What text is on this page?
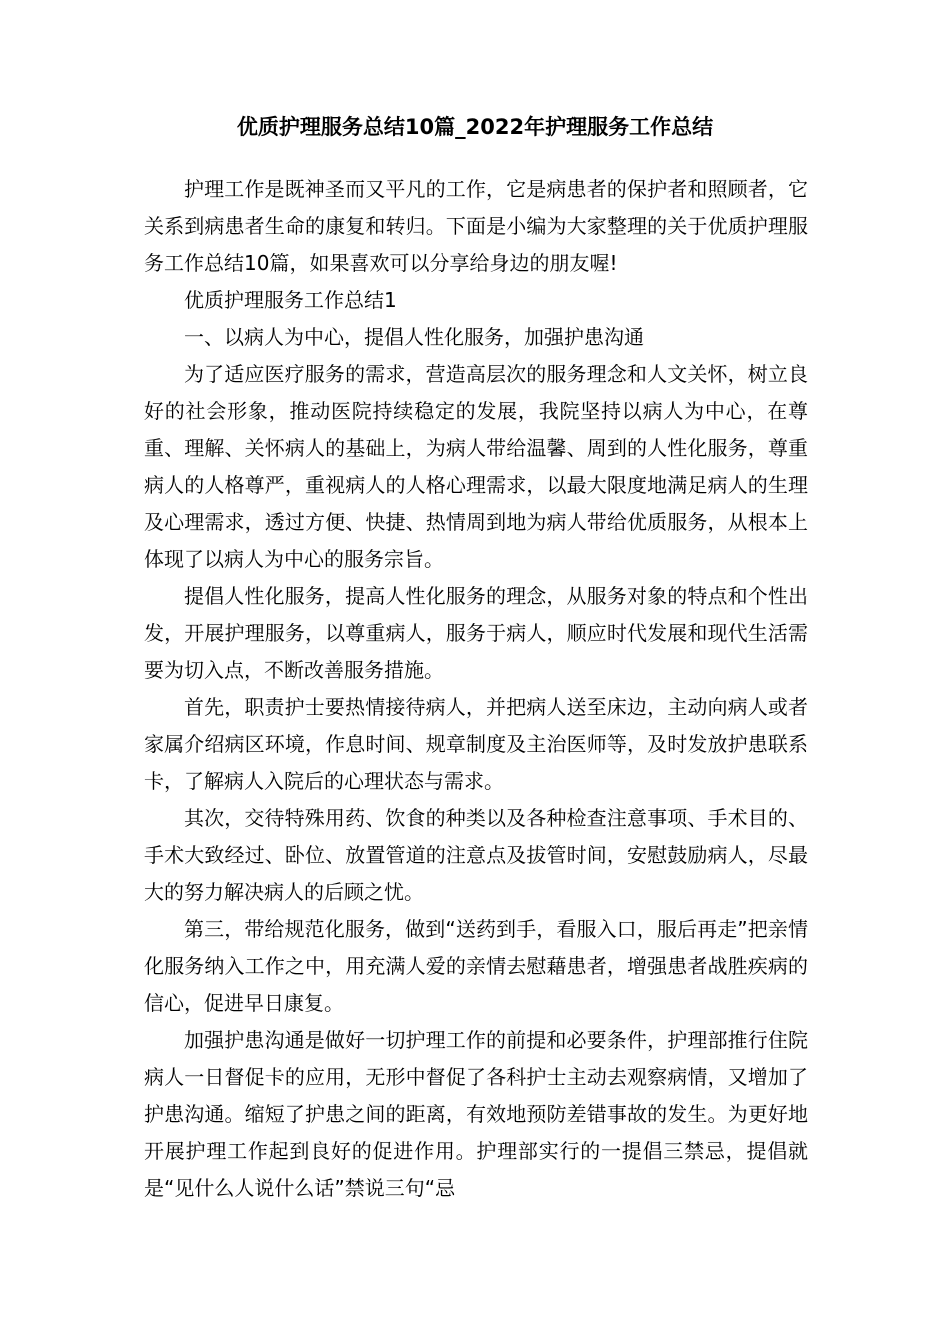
优质护理服务总结10篇_2022年护理服务工作总结

护理工作是既神圣而又平凡的工作，它是病患者的保护者和照顾者，它关系到病患者生命的康复和转归。下面是小编为大家整理的关于优质护理服务工作总结10篇，如果喜欢可以分享给身边的朋友喔!

优质护理服务工作总结1

一、以病人为中心，提倡人性化服务，加强护患沟通

为了适应医疗服务的需求，营造高层次的服务理念和人文关怀，树立良好的社会形象，推动医院持续稳定的发展，我院坚持以病人为中心，在尊重、理解、关怀病人的基础上，为病人带给温馨、周到的人性化服务，尊重病人的人格尊严，重视病人的人格心理需求，以最大限度地满足病人的生理及心理需求，透过方便、快捷、热情周到地为病人带给优质服务，从根本上体现了以病人为中心的服务宗旨。

提倡人性化服务，提高人性化服务的理念，从服务对象的特点和个性出发，开展护理服务，以尊重病人，服务于病人，顺应时代发展和现代生活需要为切入点，不断改善服务措施。

首先，职责护士要热情接待病人，并把病人送至床边，主动向病人或者家属介绍病区环境，作息时间、规章制度及主治医师等，及时发放护患联系卡，了解病人入院后的心理状态与需求。

其次，交待特殊用药、饮食的种类以及各种检查注意事项、手术目的、手术大致经过、卧位、放置管道的注意点及拔管时间，安慰鼓励病人，尽最大的努力解决病人的后顾之忧。

第三，带给规范化服务，做到“送药到手，看服入口，服后再走”把亲情化服务纳入工作之中，用充满人爱的亲情去慰藉患者，增强患者战胜疾病的信心，促进早日康复。

加强护患沟通是做好一切护理工作的前提和必要条件，护理部推行住院病人一日督促卡的应用，无形中督促了各科护士主动去观察病情，又增加了护患沟通。缩短了护患之间的距离，有效地预防差错事故的发生。为更好地开展护理工作起到良好的促进作用。护理部实行的一提倡三禁忌，提倡就是“见什么人说什么话”禁说三句“忌
